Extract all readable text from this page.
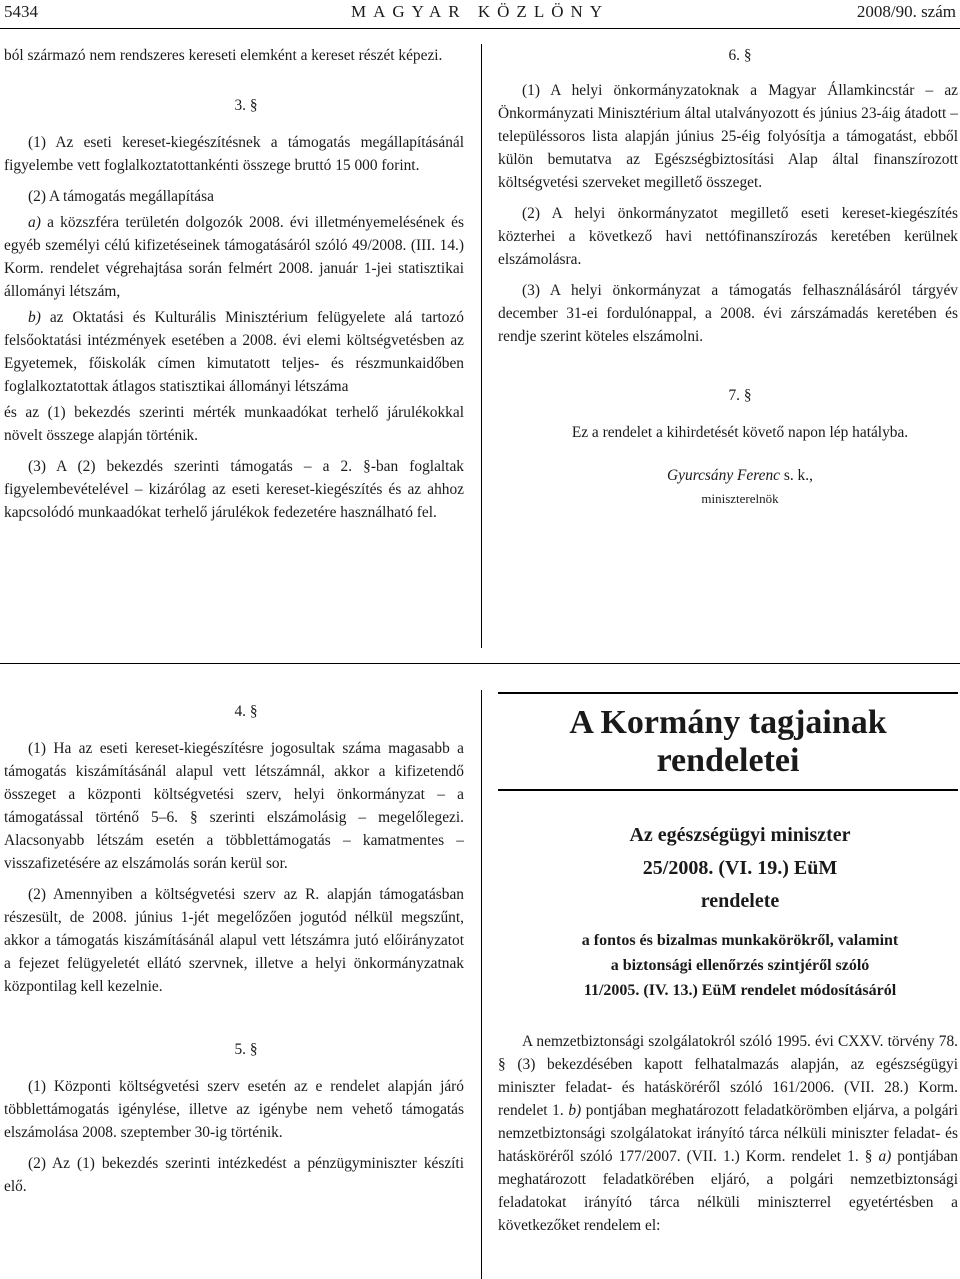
5434	MAGYAR KÖZLÖNY	2008/90. szám

ból származó nem rendszeres kereseti elemként a kereset részét képezi.

3. §

(1) Az eseti kereset-kiegészítésnek a támogatás megállapításánál figyelembe vett foglalkoztatottankénti összege bruttó 15 000 forint.

(2) A támogatás megállapítása

a) a közszféra területén dolgozók 2008. évi illetményemelésének és egyéb személyi célú kifizetéseinek támogatásáról szóló 49/2008. (III. 14.) Korm. rendelet végrehajtása során felmért 2008. január 1-jei statisztikai állományi létszám,

b) az Oktatási és Kulturális Minisztérium felügyelete alá tartozó felsőoktatási intézmények esetében a 2008. évi elemi költségvetésben az Egyetemek, főiskolák címen kimutatott teljes- és részmunkaidőben foglalkoztatottak átlagos statisztikai állományi létszáma

és az (1) bekezdés szerinti mérték munkaadókat terhelő járulékokkal növelt összege alapján történik.

(3) A (2) bekezdés szerinti támogatás – a 2. §-ban foglaltak figyelembevételével – kizárólag az eseti kereset-kiegészítés és az ahhoz kapcsolódó munkaadókat terhelő járulékok fedezetére használható fel.

6. §

(1) A helyi önkormányzatoknak a Magyar Államkincstár – az Önkormányzati Minisztérium által utalványozott és június 23-áig átadott – településsoros lista alapján június 25-éig folyósítja a támogatást, ebből külön bemutatva az Egészségbiztosítási Alap által finanszírozott költségvetési szerveket megillető összeget.

(2) A helyi önkormányzatot megillető eseti kereset-kiegészítés közterhei a következő havi nettófinanszírozás keretében kerülnek elszámolásra.

(3) A helyi önkormányzat a támogatás felhasználásáról tárgyév december 31-ei fordulónappal, a 2008. évi zárszámadás keretében és rendje szerint köteles elszámolni.

7. §

Ez a rendelet a kihirdetését követő napon lép hatályba.

Gyurcsány Ferenc s. k.,

miniszterelnök

4. §

(1) Ha az eseti kereset-kiegészítésre jogosultak száma magasabb a támogatás kiszámításánál alapul vett létszámnál, akkor a kifizetendő összeget a központi költségvetési szerv, helyi önkormányzat – a támogatással történő 5–6. § szerinti elszámolásig – megelőlegezi. Alacsonyabb létszám esetén a többlettámogatás – kamatmentes – visszafizetésére az elszámolás során kerül sor.

(2) Amennyiben a költségvetési szerv az R. alapján támogatásban részesült, de 2008. június 1-jét megelőzően jogutód nélkül megszűnt, akkor a támogatás kiszámításánál alapul vett létszámra jutó előirányzatot a fejezet felügyeletét ellátó szervnek, illetve a helyi önkormányzatnak központilag kell kezelnie.

5. §

(1) Központi költségvetési szerv esetén az e rendelet alapján járó többlettámogatás igénylése, illetve az igénybe nem vehető támogatás elszámolása 2008. szeptember 30-ig történik.

(2) Az (1) bekezdés szerinti intézkedést a pénzügyminiszter készíti elő.

A Kormány tagjainak
rendeletei

Az egészségügyi miniszter

25/2008. (VI. 19.) EüM

rendelete

a fontos és bizalmas munkakörökről, valamint

a biztonsági ellenőrzés szintjéről szóló

11/2005. (IV. 13.) EüM rendelet módosításáról

A nemzetbiztonsági szolgálatokról szóló 1995. évi CXXV. törvény 78. § (3) bekezdésében kapott felhatalmazás alapján, az egészségügyi miniszter feladat- és hatásköréről szóló 161/2006. (VII. 28.) Korm. rendelet 1. b) pontjában meghatározott feladatkörömben eljárva, a polgári nemzetbiztonsági szolgálatokat irányító tárca nélküli miniszter feladat- és hatásköréről szóló 177/2007. (VII. 1.) Korm. rendelet 1. § a) pontjában meghatározott feladatkörében eljáró, a polgári nemzetbiztonsági feladatokat irányító tárca nélküli miniszterrel egyetértésben a következőket rendelem el:
